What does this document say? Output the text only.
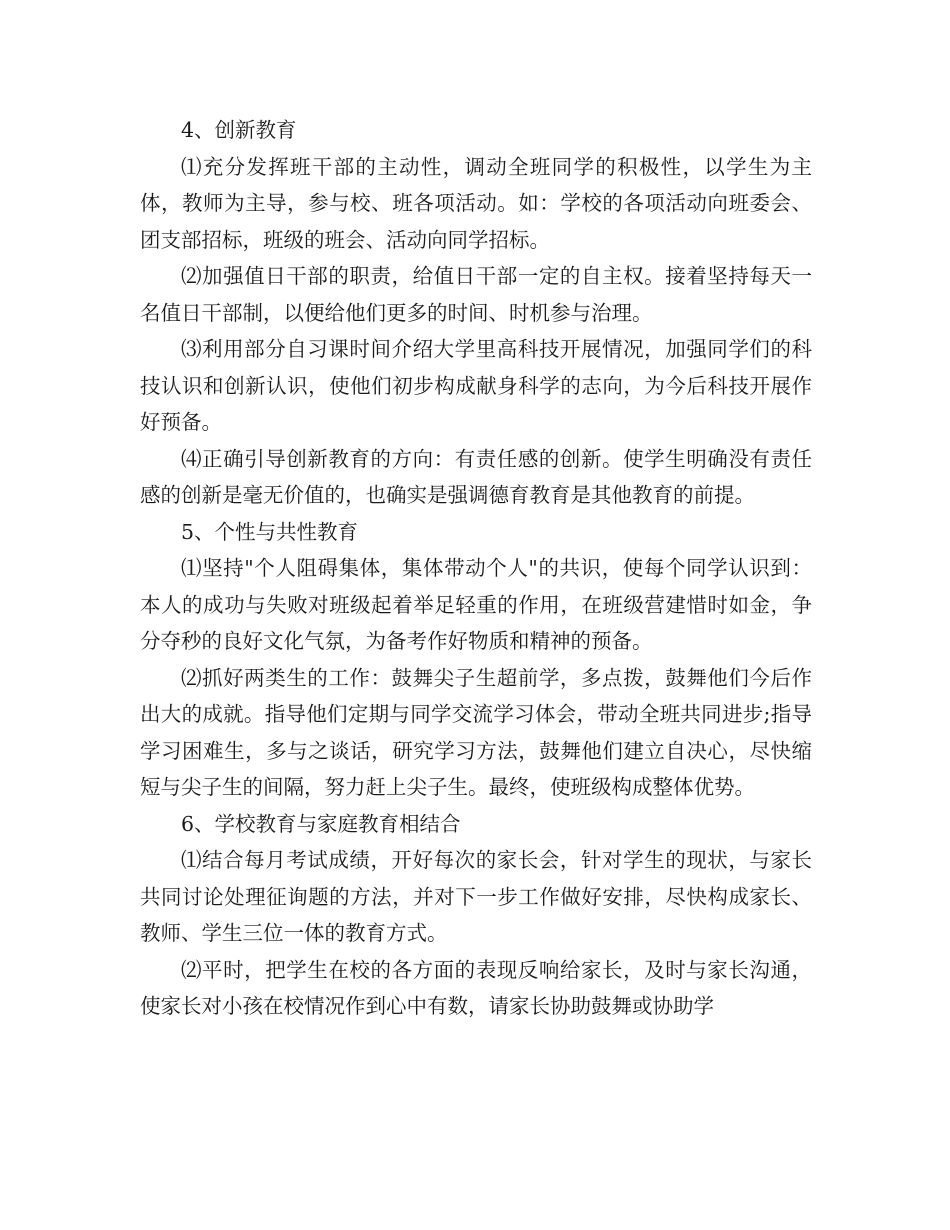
4、创新教育

⑴充分发挥班干部的主动性，调动全班同学的积极性，以学生为主体，教师为主导，参与校、班各项活动。如：学校的各项活动向班委会、团支部招标，班级的班会、活动向同学招标。

⑵加强值日干部的职责，给值日干部一定的自主权。接着坚持每天一名值日干部制，以便给他们更多的时间、时机参与治理。

⑶利用部分自习课时间介绍大学里高科技开展情况，加强同学们的科技认识和创新认识，使他们初步构成献身科学的志向，为今后科技开展作好预备。

⑷正确引导创新教育的方向：有责任感的创新。使学生明确没有责任感的创新是毫无价值的，也确实是强调德育教育是其他教育的前提。

5、个性与共性教育

⑴坚持"个人阻碍集体，集体带动个人"的共识，使每个同学认识到：本人的成功与失败对班级起着举足轻重的作用，在班级营建惜时如金，争分夺秒的良好文化气氛，为备考作好物质和精神的预备。

⑵抓好两类生的工作：鼓舞尖子生超前学，多点拨，鼓舞他们今后作出大的成就。指导他们定期与同学交流学习体会，带动全班共同进步;指导学习困难生，多与之谈话，研究学习方法，鼓舞他们建立自决心，尽快缩短与尖子生的间隔，努力赶上尖子生。最终，使班级构成整体优势。

6、学校教育与家庭教育相结合

⑴结合每月考试成绩，开好每次的家长会，针对学生的现状，与家长共同讨论处理征询题的方法，并对下一步工作做好安排，尽快构成家长、教师、学生三位一体的教育方式。

⑵平时，把学生在校的各方面的表现反响给家长，及时与家长沟通，使家长对小孩在校情况作到心中有数，请家长协助鼓舞或协助学
